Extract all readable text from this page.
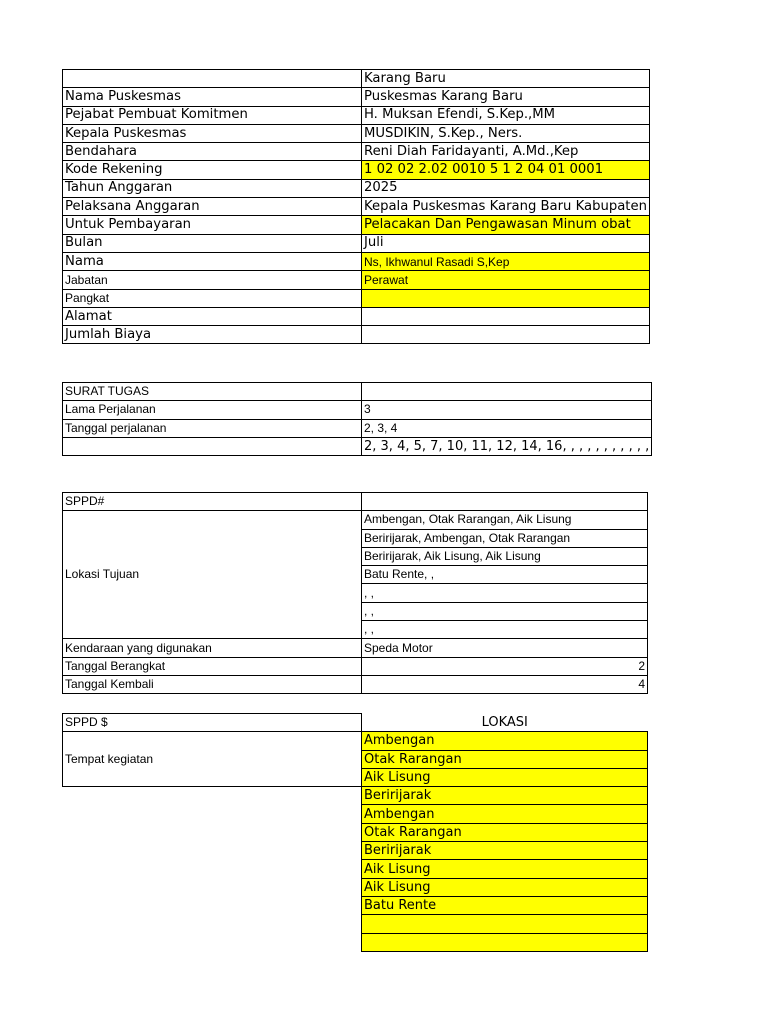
	Karang Baru
Nama Puskesmas	Puskesmas Karang Baru
Pejabat Pembuat Komitmen	H. Muksan Efendi, S.Kep.,MM
Kepala Puskesmas	MUSDIKIN, S.Kep., Ners.
Bendahara	Reni Diah Faridayanti, A.Md.,Kep
Kode Rekening	1 02 02 2.02 0010 5 1 2 04 01 0001
Tahun Anggaran	2025
Pelaksana Anggaran	Kepala Puskesmas Karang Baru Kabupaten
Untuk Pembayaran	Pelacakan Dan Pengawasan Minum obat
Bulan	Juli
Nama	Ns, Ikhwanul Rasadi S,Kep
Jabatan	Perawat
Pangkat	
Alamat	
Jumlah Biaya	
SURAT TUGAS	
Lama Perjalanan	3
Tanggal perjalanan	2, 3, 4
	2, 3, 4, 5, 7, 10, 11, 12, 14, 16, , , , , , , , , , ,
SPPD#	
Lokasi Tujuan	Ambengan, Otak Rarangan, Aik Lisung
	Beririjarak, Ambengan, Otak Rarangan
	Beririjarak, Aik Lisung, Aik Lisung
	Batu Rente, ,
	, ,
	, ,
	, ,
Kendaraan yang digunakan	Speda Motor
Tanggal Berangkat	2
Tanggal Kembali	4
SPPD $	LOKASI
Tempat kegiatan	Ambengan
	Otak Rarangan
	Aik Lisung
	Beririjarak
	Ambengan
	Otak Rarangan
	Beririjarak
	Aik Lisung
	Aik Lisung
	Batu Rente
